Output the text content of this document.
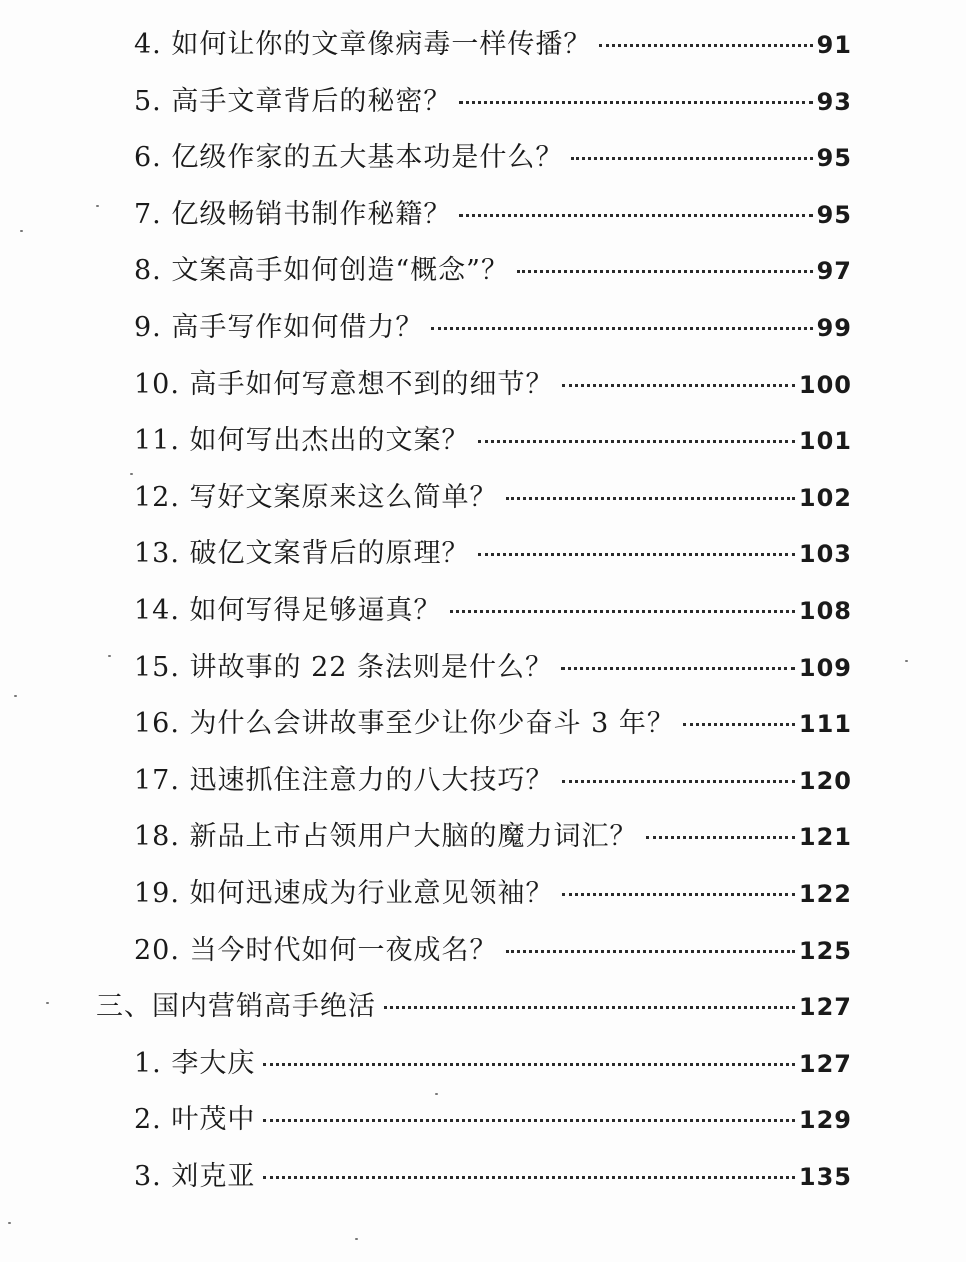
4. 如何让你的文章像病毒一样传播？	91
5. 高手文章背后的秘密？	93
6. 亿级作家的五大基本功是什么？	95
7. 亿级畅销书制作秘籍？	95
8. 文案高手如何创造“概念”？	97
9. 高手写作如何借力？	99
10. 高手如何写意想不到的细节？	100
11. 如何写出杰出的文案？	101
12. 写好文案原来这么简单？	102
13. 破亿文案背后的原理？	103
14. 如何写得足够逼真？	108
15. 讲故事的 22 条法则是什么？	109
16. 为什么会讲故事至少让你少奋斗 3 年？	111
17. 迅速抓住注意力的八大技巧？	120
18. 新品上市占领用户大脑的魔力词汇？	121
19. 如何迅速成为行业意见领袖？	122
20. 当今时代如何一夜成名？	125
三、国内营销高手绝活	127
1. 李大庆	127
2. 叶茂中	129
3. 刘克亚	135
